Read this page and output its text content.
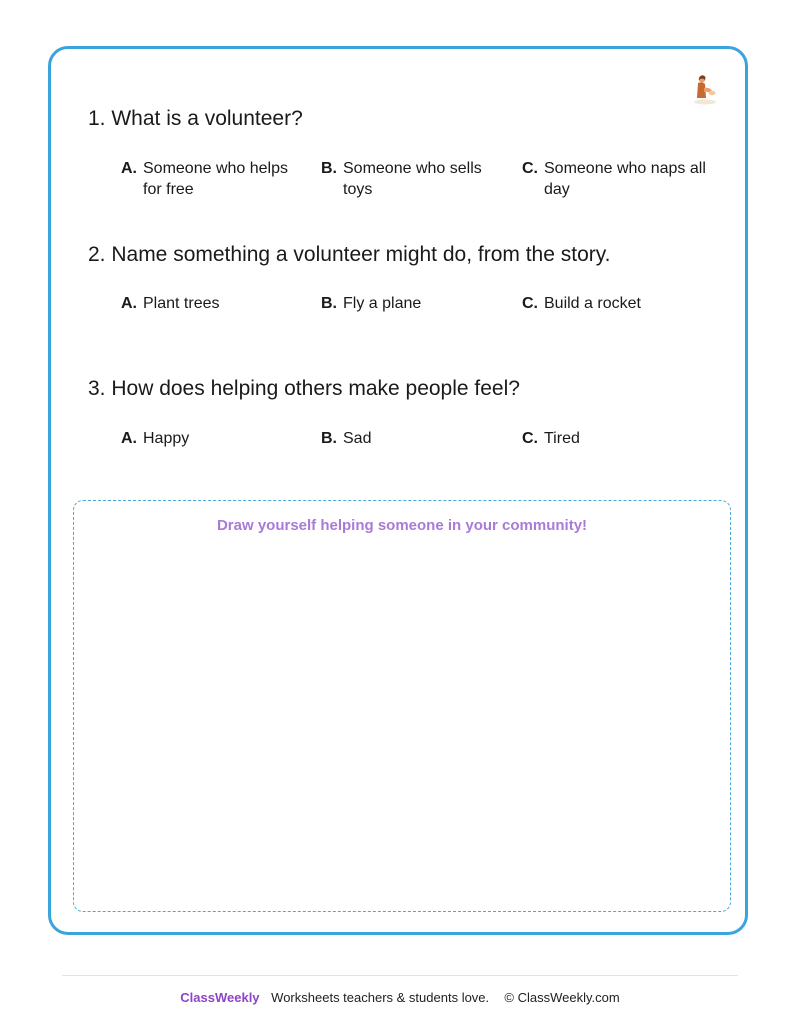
1. What is a volunteer?

A. Someone who helps for free
B. Someone who sells toys
C. Someone who naps all day

2. Name something a volunteer might do, from the story.

A. Plant trees	B. Fly a plane	C. Build a rocket

3. How does helping others make people feel?

A. Happy	B. Sad	C. Tired
Draw yourself helping someone in your community!
ClassWeekly Worksheets teachers & students love. © ClassWeekly.com
